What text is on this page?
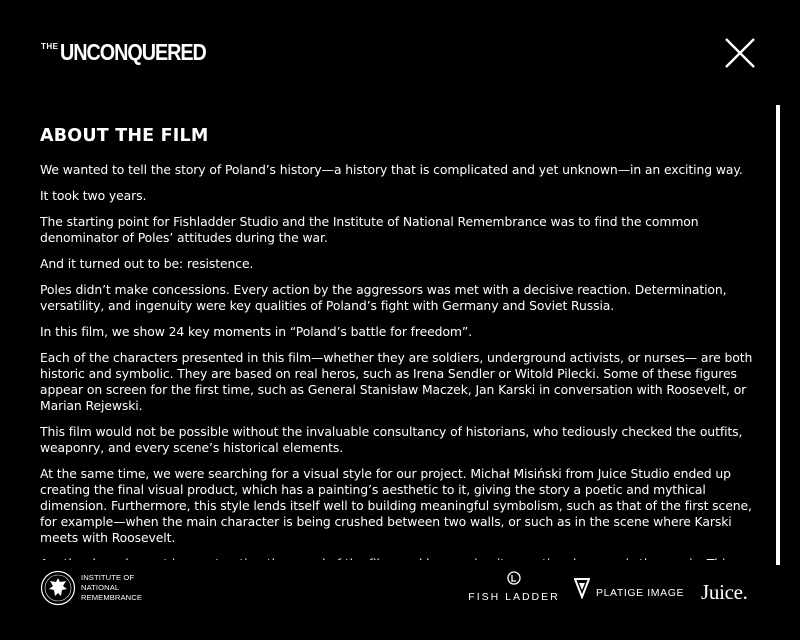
THE UNCONQUERED
ABOUT THE FILM

We wanted to tell the story of Poland’s history—a history that is complicated and yet unknown—in an exciting way.

It took two years.

The starting point for Fishladder Studio and the Institute of National Remembrance was to find the common denominator of Poles’ attitudes during the war.

And it turned out to be: resistence.

Poles didn’t make concessions. Every action by the aggressors was met with a decisive reaction. Determination, versatility, and ingenuity were key qualities of Poland’s fight with Germany and Soviet Russia.

In this film, we show 24 key moments in “Poland’s battle for freedom”.

Each of the characters presented in this film—whether they are soldiers, underground activists, or nurses— are both historic and symbolic. They are based on real heros, such as Irena Sendler or Witold Pilecki. Some of these figures appear on screen for the first time, such as General Stanisław Maczek, Jan Karski in conversation with Roosevelt, or Marian Rejewski.

This film would not be possible without the invaluable consultancy of historians, who tediously checked the outfits, weaponry, and every scene’s historical elements.

At the same time, we were searching for a visual style for our project. Michał Misiński from Juice Studio ended up creating the final visual product, which has a painting’s aesthetic to it, giving the story a poetic and mythical dimension. Furthermore, this style lends itself well to building meaningful symbolism, such as that of the first scene, for example—when the main character is being crushed between two walls, or such as in the scene where Karski meets with Roosevelt.

INSTITUTE OF
NATIONAL
REMEMBRANCE	FISH LADDER	PLATIGE IMAGE Juice.
